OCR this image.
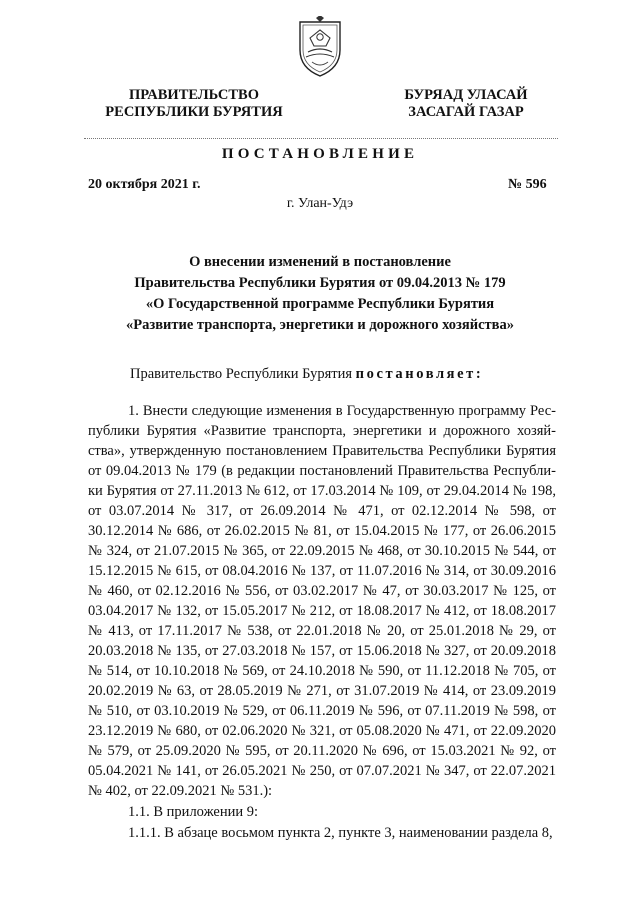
ПРАВИТЕЛЬСТВО
РЕСПУБЛИКИ БУРЯТИЯ
БУРЯАД УЛАСАЙ
ЗАСАГАЙ ГАЗАР
ПОСТАНОВЛЕНИЕ
20 октября 2021 г.	№ 596
г. Улан-Удэ
О внесении изменений в постановление
Правительства Республики Бурятия от 09.04.2013 № 179
«О Государственной программе Республики Бурятия
«Развитие транспорта, энергетики и дорожного хозяйства»
Правительство Республики Бурятия постановляет:
1. Внести следующие изменения в Государственную программу Республики Бурятия «Развитие транспорта, энергетики и дорожного хозяйства», утвержденную постановлением Правительства Республики Бурятия от 09.04.2013 № 179 (в редакции постановлений Правительства Республики Бурятия от 27.11.2013 № 612, от 17.03.2014 № 109, от 29.04.2014 № 198, от 03.07.2014 № 317, от 26.09.2014 № 471, от 02.12.2014 № 598, от 30.12.2014 № 686, от 26.02.2015 № 81, от 15.04.2015 № 177, от 26.06.2015 № 324, от 21.07.2015 № 365, от 22.09.2015 № 468, от 30.10.2015 № 544, от 15.12.2015 № 615, от 08.04.2016 № 137, от 11.07.2016 № 314, от 30.09.2016 № 460, от 02.12.2016 № 556, от 03.02.2017 № 47, от 30.03.2017 № 125, от 03.04.2017 № 132, от 15.05.2017 № 212, от 18.08.2017 № 412, от 18.08.2017 № 413, от 17.11.2017 № 538, от 22.01.2018 № 20, от 25.01.2018 № 29, от 20.03.2018 № 135, от 27.03.2018 № 157, от 15.06.2018 № 327, от 20.09.2018 № 514, от 10.10.2018 № 569, от 24.10.2018 № 590, от 11.12.2018 № 705, от 20.02.2019 № 63, от 28.05.2019 № 271, от 31.07.2019 № 414, от 23.09.2019 № 510, от 03.10.2019 № 529, от 06.11.2019 № 596, от 07.11.2019 № 598, от 23.12.2019 № 680, от 02.06.2020 № 321, от 05.08.2020 № 471, от 22.09.2020 № 579, от 25.09.2020 № 595, от 20.11.2020 № 696, от 15.03.2021 № 92, от 05.04.2021 № 141, от 26.05.2021 № 250, от 07.07.2021 № 347, от 22.07.2021 № 402, от 22.09.2021 № 531.):
1.1. В приложении 9:
1.1.1. В абзаце восьмом пункта 2, пункте 3, наименовании раздела 8,
